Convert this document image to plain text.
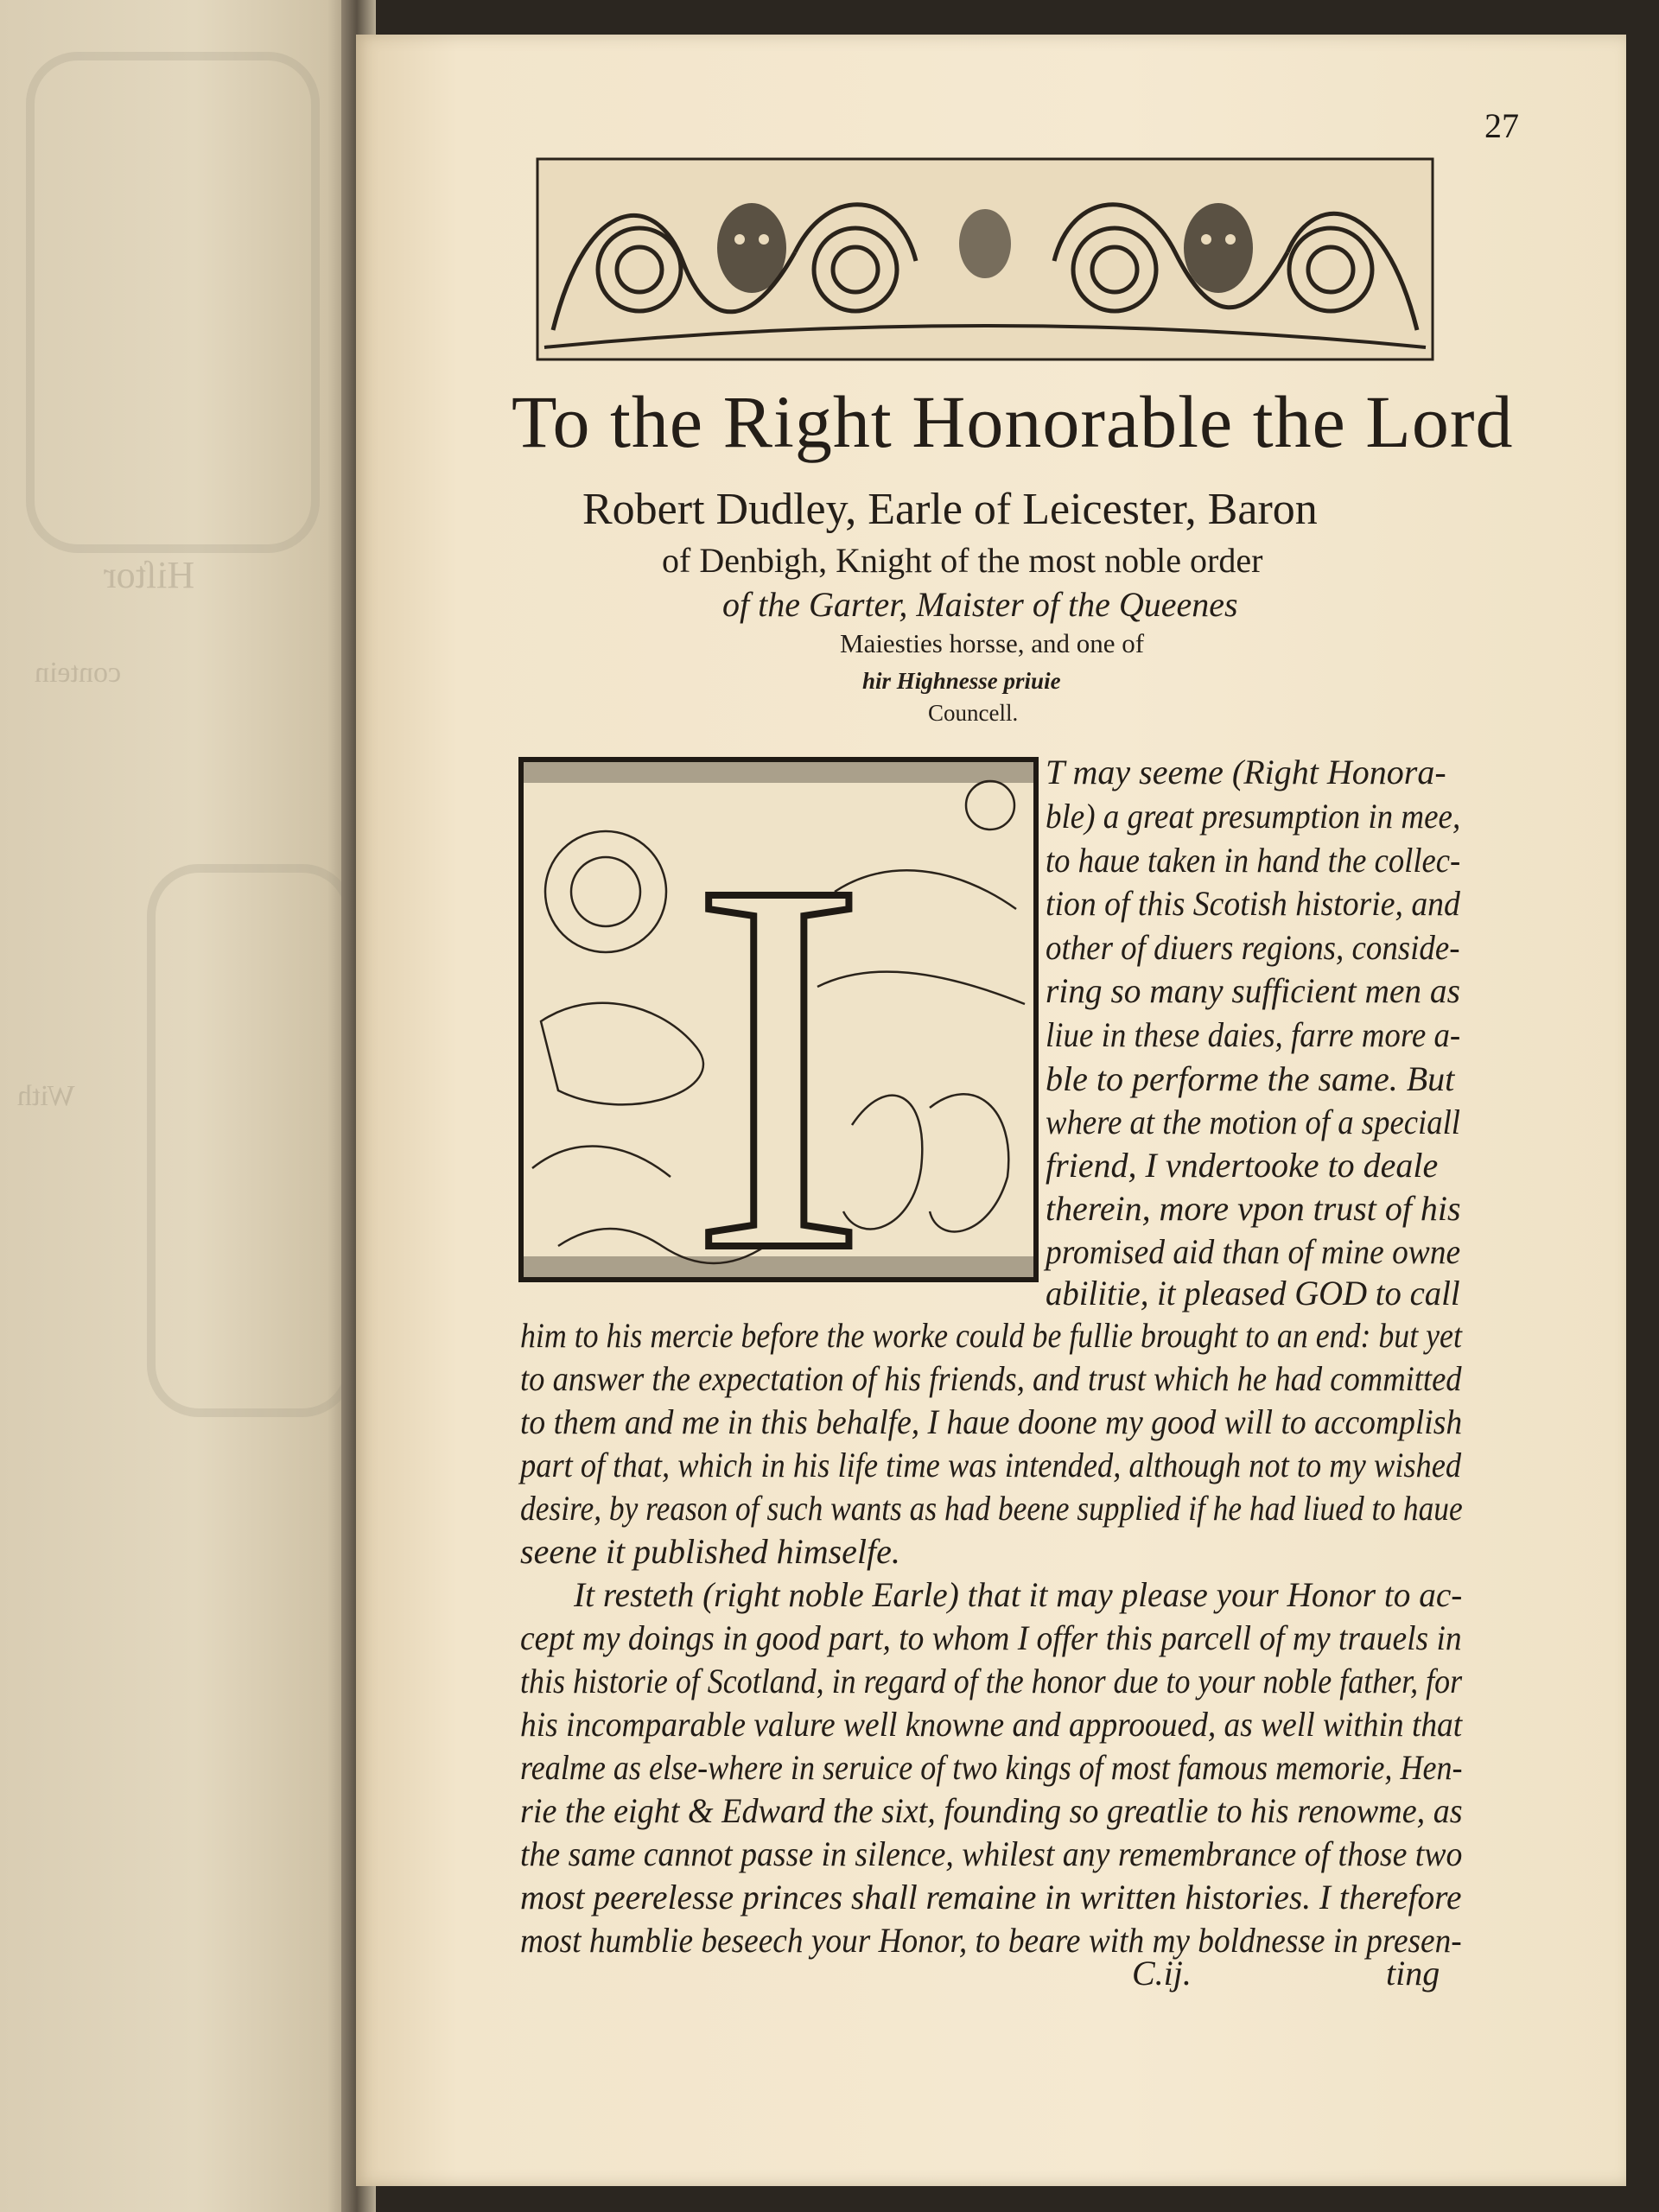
Hiſtor
contein
With
27
To the Right Honorable the Lord
Robert Dudley, Earle of Leicester, Baron
of Denbigh, Knight of the most noble order
of the Garter, Maister of the Queenes
Maiesties horsse, and one of
hir Highnesse priuie
Councell.
I	T may seeme (Right Honora-
ble) a great presumption in mee,
to haue taken in hand the collec-
tion of this Scotish historie, and
other of diuers regions, conside-
ring so many sufficient men as
liue in these daies, farre more a-
ble to performe the same. But
where at the motion of a speciall
friend, I vndertooke to deale
therein, more vpon trust of his
promised aid than of mine owne
abilitie, it pleased GOD to call
him to his mercie before the worke could be fullie brought to an end: but yet
to answer the expectation of his friends, and trust which he had committed
to them and me in this behalfe, I haue doone my good will to accomplish
part of that, which in his life time was intended, although not to my wished
desire, by reason of such wants as had beene supplied if he had liued to haue
seene it published himselfe.
It resteth (right noble Earle) that it may please your Honor to ac-
cept my doings in good part, to whom I offer this parcell of my trauels in
this historie of Scotland, in regard of the honor due to your noble father, for
his incomparable valure well knowne and approoued, as well within that
realme as else-where in seruice of two kings of most famous memorie, Hen-
rie the eight & Edward the sixt, founding so greatlie to his renowme, as
the same cannot passe in silence, whilest any remembrance of those two
most peerelesse princes shall remaine in written histories. I therefore
most humblie beseech your Honor, to beare with my boldnesse in presen-
C.ij.	ting
